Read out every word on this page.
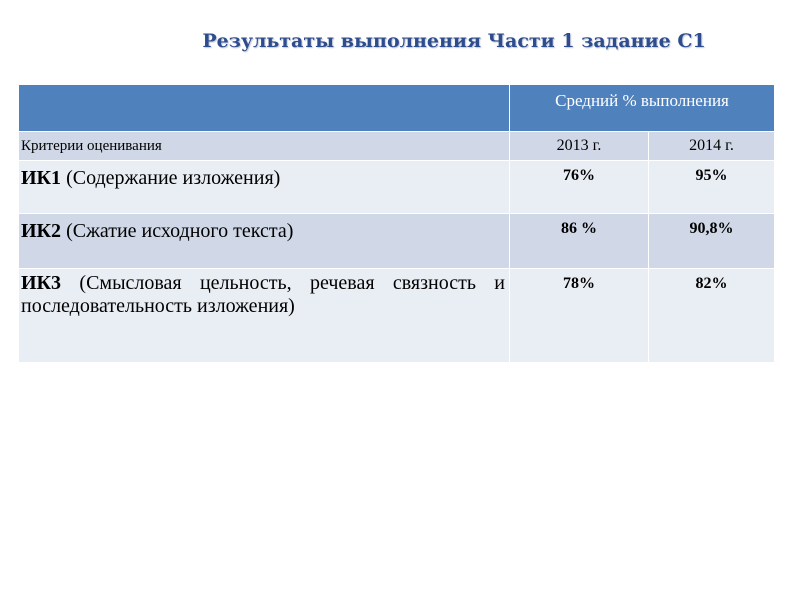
Результаты выполнения Части 1 задание С1
	Средний % выполнения	
Критерии оценивания	2013 г.	2014 г.
ИК1 (Содержание изложения)	76%	95%
ИК2 (Сжатие исходного текста)	86 %	90,8%
ИК3 (Смысловая цельность, речевая связность и последовательность изложения)	78%	82%
